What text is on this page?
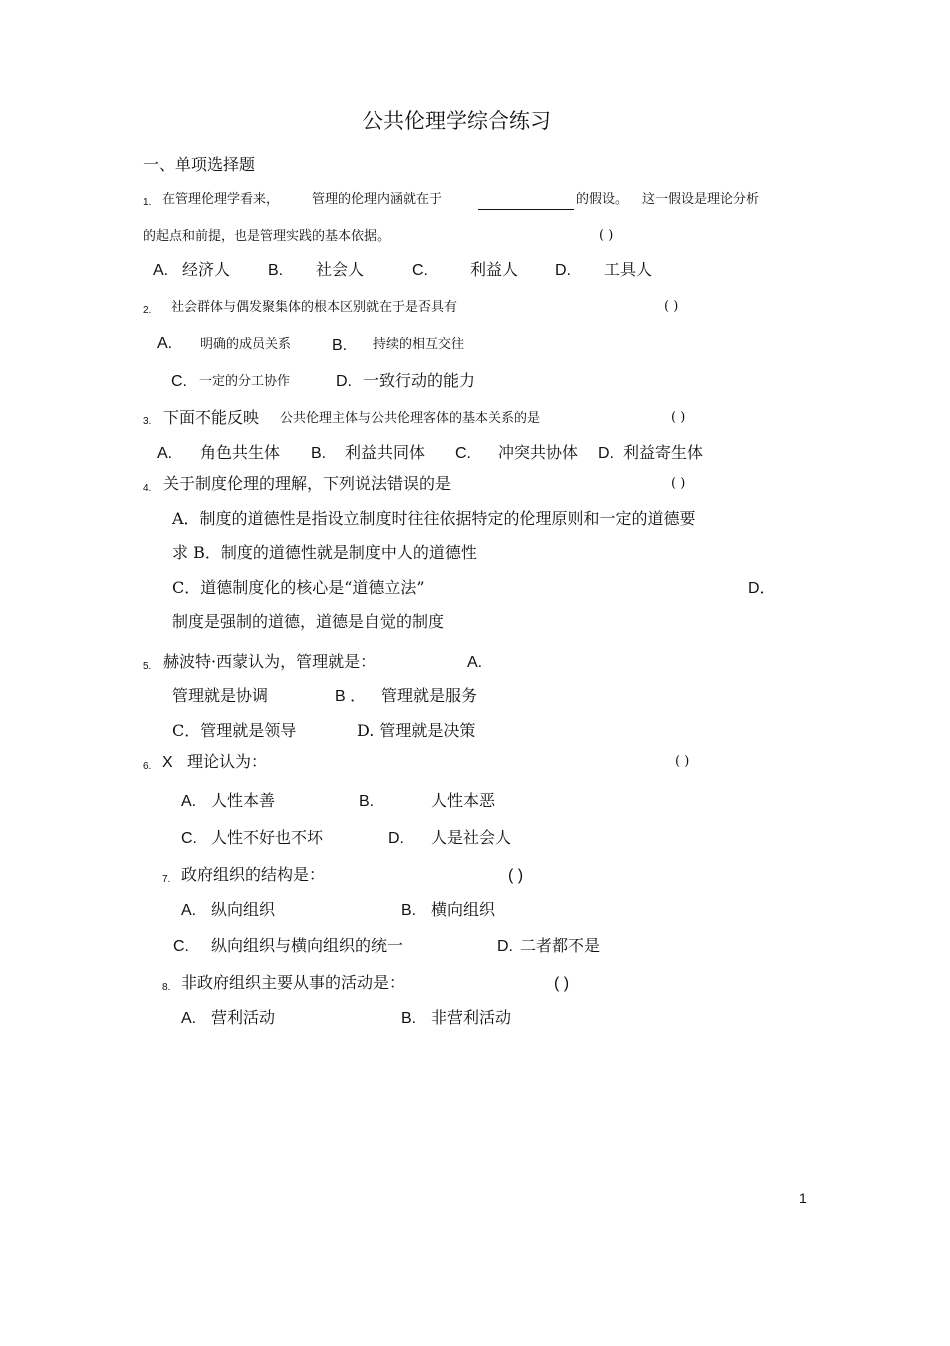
公共伦理学综合练习
一、单项选择题
1. 在管理伦理学看来，	管理的伦理内涵就在于	的假设。 这一假设是理论分析
的起点和前提，也是管理实践的基本依据。	( )
A. 经济人 B. 社会人	C.	利益人 D. 工具人
2. 社会群体与偶发聚集体的根本区别就在于是否具有	( )
A. 明确的成员关系	B. 持续的相互交往
C. 一定的分工协作	D. 一致行动的能力
3. 下面不能反映 公共伦理主体与公共伦理客体的基本关系的是	( )
A. 角色共生体 B. 利益共同体 C. 冲突共协体 D. 利益寄生体
4. 关于制度伦理的理解，下列说法错误的是	( )
A．制度的道德性是指设立制度时往往依据特定的伦理原则和一定的道德要
求 B．制度的道德性就是制度中人的道德性
C．道德制度化的核心是“道德立法”	D．
制度是强制的道德，道德是自觉的制度
5. 赫波特·西蒙认为，管理就是：	A.
管理就是协调	B ． 管理就是服务
C．管理就是领导	D. 管理就是决策
6. X 理论认为：	( )
A. 人性本善	B.	人性本恶
C. 人性不好也不坏	D. 人是社会人
7. 政府组织的结构是：	( )
A. 纵向组织	B. 横向组织
C. 纵向组织与横向组织的统一	D. 二者都不是
8. 非政府组织主要从事的活动是：	( )
A. 营利活动	B. 非营利活动
1
